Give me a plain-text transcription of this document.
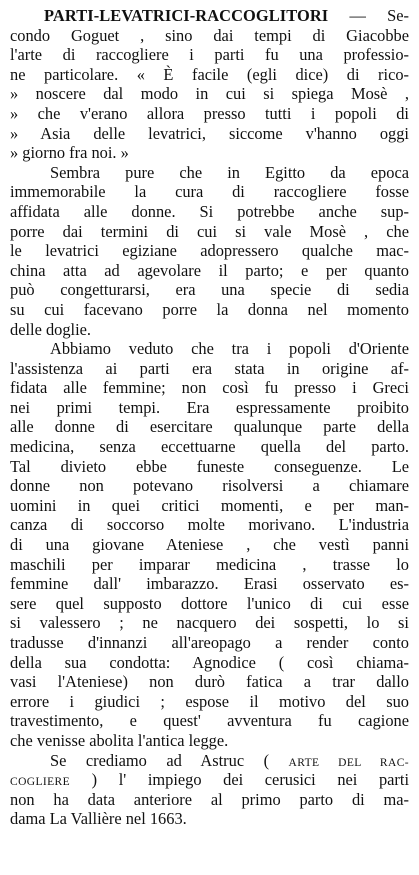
PARTI-LEVATRICI-RACCOGLITORI — Se-
condo Goguet , sino dai tempi di Giacobbe
l'arte di raccogliere i parti fu una professio-
ne particolare. « È facile (egli dice) di rico-
» noscere dal modo in cui si spiega Mosè ,
» che v'erano allora presso tutti i popoli di
» Asia delle levatrici, siccome v'hanno oggi
» giorno fra noi. »
Sembra pure che in Egitto da epoca
immemorabile la cura di raccogliere fosse
affidata alle donne. Si potrebbe anche sup-
porre dai termini di cui si vale Mosè , che
le levatrici egiziane adopressero qualche mac-
china atta ad agevolare il parto; e per quanto
può congetturarsi, era una specie di sedia
su cui facevano porre la donna nel momento
delle doglie.
Abbiamo veduto che tra i popoli d'Oriente
l'assistenza ai parti era stata in origine af-
fidata alle femmine; non così fu presso i Greci
nei primi tempi. Era espressamente proibito
alle donne di esercitare qualunque parte della
medicina, senza eccettuarne quella del parto.
Tal divieto ebbe funeste conseguenze. Le
donne non potevano risolversi a chiamare
uomini in quei critici momenti, e per man-
canza di soccorso molte morivano. L'industria
di una giovane Ateniese , che vestì panni
maschili per imparar medicina , trasse lo
femmine dall' imbarazzo. Erasi osservato es-
sere quel supposto dottore l'unico di cui esse
si valessero ; ne nacquero dei sospetti, lo si
tradusse d'innanzi all'areopago a render conto
della sua condotta: Agnodice ( così chiama-
vasi l'Ateniese) non durò fatica a trar dallo
errore i giudici ; espose il motivo del suo
travestimento, e quest' avventura fu cagione
che venisse abolita l'antica legge.
Se crediamo ad Astruc ( ARTE DEL RAC-
COGLIERE ) l' impiego dei cerusici nei parti
non ha data anteriore al primo parto di ma-
dama La Vallière nel 1663.
